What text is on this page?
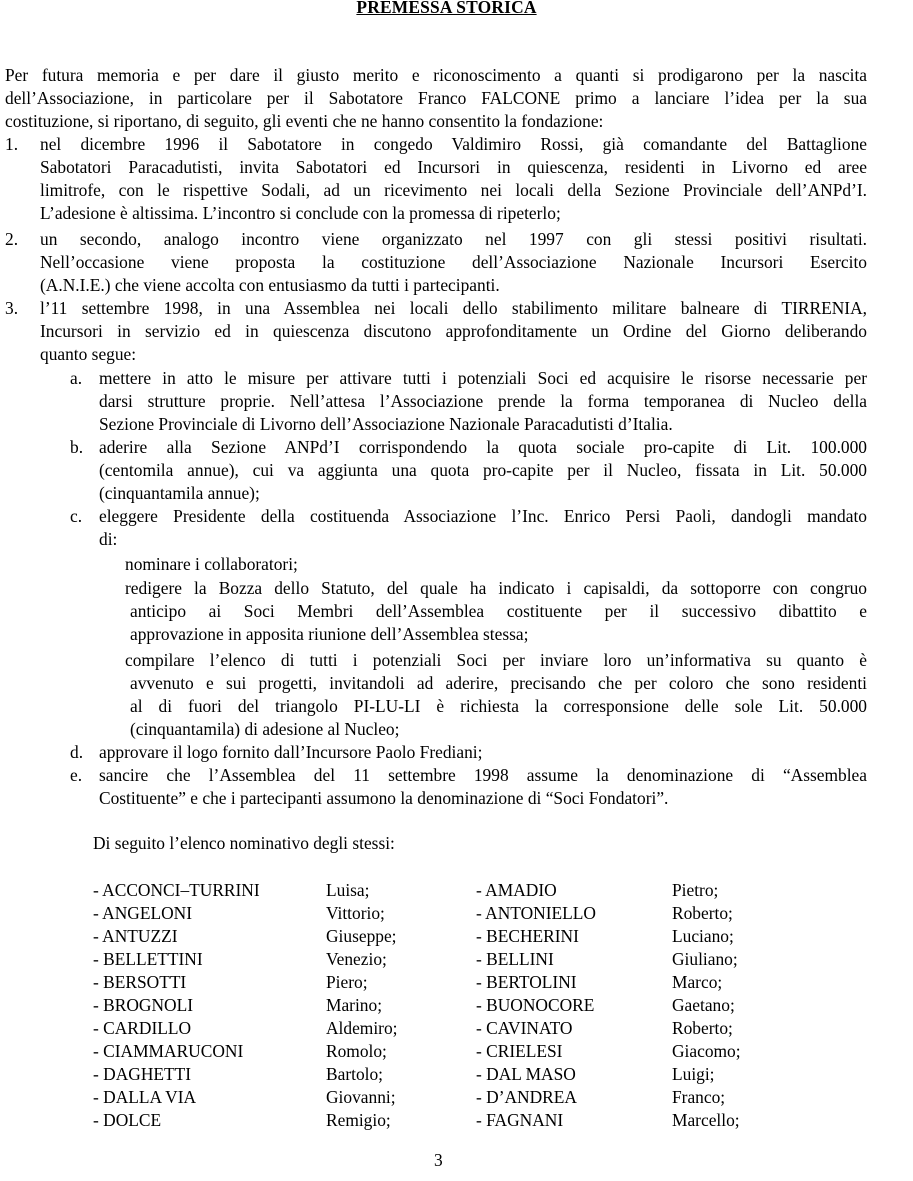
PREMESSA STORICA
Per futura memoria e per dare il giusto merito e riconoscimento a quanti si prodigarono per la nascita
dell’Associazione, in particolare per il Sabotatore Franco FALCONE primo a lanciare l’idea per la sua
costituzione, si riportano, di seguito, gli eventi che ne hanno consentito la fondazione:
1. nel dicembre 1996 il Sabotatore in congedo Valdimiro Rossi, già comandante del Battaglione
Sabotatori Paracadutisti, invita Sabotatori ed Incursori in quiescenza, residenti in Livorno ed aree
limitrofe, con le rispettive Sodali, ad un ricevimento nei locali della Sezione Provinciale dell’ANPd’I.
L’adesione è altissima. L’incontro si conclude con la promessa di ripeterlo;
2. un secondo, analogo incontro viene organizzato nel 1997 con gli stessi positivi risultati.
Nell’occasione viene proposta la costituzione dell’Associazione Nazionale Incursori Esercito
(A.N.I.E.) che viene accolta con entusiasmo da tutti i partecipanti.
3. l’11 settembre 1998, in una Assemblea nei locali dello stabilimento militare balneare di TIRRENIA,
Incursori in servizio ed in quiescenza discutono approfonditamente un Ordine del Giorno deliberando
quanto segue:
a. mettere in atto le misure per attivare tutti i potenziali Soci ed acquisire le risorse necessarie per
darsi strutture proprie. Nell’attesa l’Associazione prende la forma temporanea di Nucleo della
Sezione Provinciale di Livorno dell’Associazione Nazionale Paracadutisti d’Italia.
b. aderire alla Sezione ANPd’I corrispondendo la quota sociale pro-capite di Lit. 100.000
(centomila annue), cui va aggiunta una quota pro-capite per il Nucleo, fissata in Lit. 50.000
(cinquantamila annue);
c. eleggere Presidente della costituenda Associazione l’Inc. Enrico Persi Paoli, dandogli mandato
di:
nominare i collaboratori;
redigere la Bozza dello Statuto, del quale ha indicato i capisaldi, da sottoporre con congruo
anticipo ai Soci Membri dell’Assemblea costituente per il successivo dibattito e
approvazione in apposita riunione dell’Assemblea stessa;
compilare l’elenco di tutti i potenziali Soci per inviare loro un’informativa su quanto è
avvenuto e sui progetti, invitandoli ad aderire, precisando che per coloro che sono residenti
al di fuori del triangolo PI-LU-LI è richiesta la corresponsione delle sole Lit. 50.000
(cinquantamila) di adesione al Nucleo;
d. approvare il logo fornito dall’Incursore Paolo Frediani;
e. sancire che l’Assemblea del 11 settembre 1998 assume la denominazione di “Assemblea
Costituente” e che i partecipanti assumono la denominazione di “Soci Fondatori”.
Di seguito l’elenco nominativo degli stessi:
- ACCONCI–TURRINI	Luisa;	- AMADIO	Pietro;
- ANGELONI	Vittorio;	- ANTONIELLO	Roberto;
- ANTUZZI	Giuseppe;	- BECHERINI	Luciano;
- BELLETTINI	Venezio;	- BELLINI	Giuliano;
- BERSOTTI	Piero;	- BERTOLINI	Marco;
- BROGNOLI	Marino;	- BUONOCORE	Gaetano;
- CARDILLO	Aldemiro;	- CAVINATO	Roberto;
- CIAMMARUCONI	Romolo;	- CRIELESI	Giacomo;
- DAGHETTI	Bartolo;	- DAL MASO	Luigi;
- DALLA VIA	Giovanni;	- D’ANDREA	Franco;
- DOLCE	Remigio;	- FAGNANI	Marcello;
3
